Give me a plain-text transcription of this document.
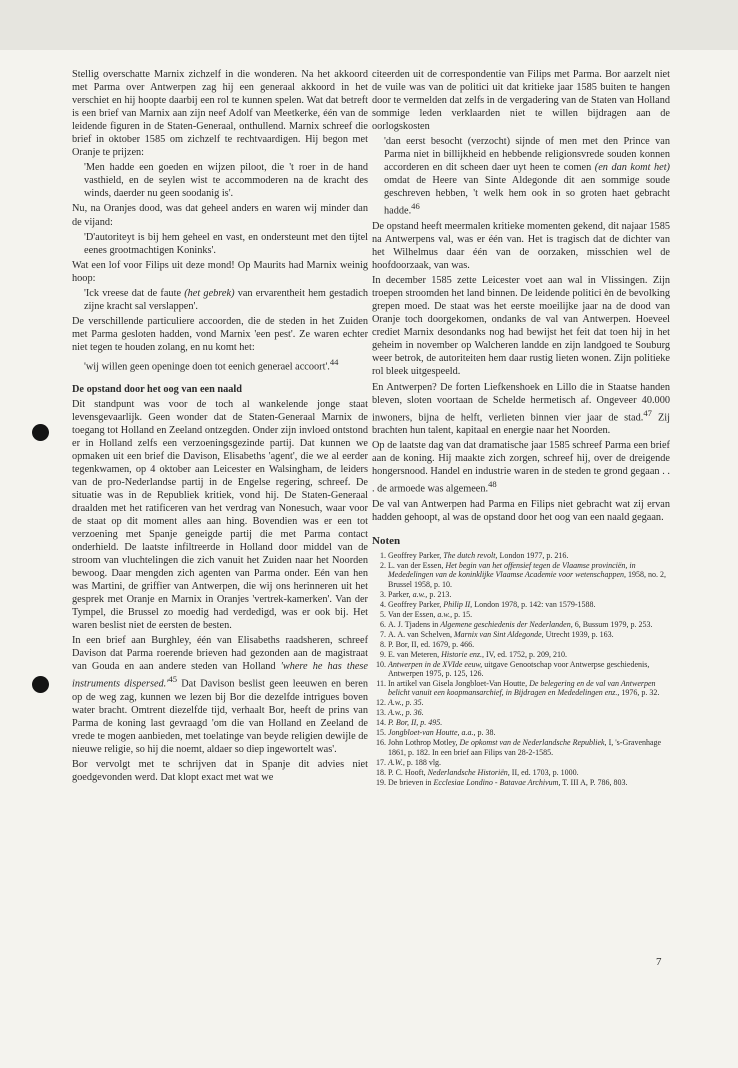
Stellig overschatte Marnix zichzelf in die wonderen. Na het akkoord met Parma over Antwerpen zag hij een generaal akkoord in het verschiet en hij hoopte daarbij een rol te kunnen spelen. Wat dat betreft is een brief van Marnix aan zijn neef Adolf van Meetkerke, één van de leidende figuren in de Staten-Generaal, onthullend. Marnix schreef die brief in oktober 1585 om zichzelf te rechtvaardigen. Hij begon met Oranje te prijzen:

'Men hadde een goeden en wijzen piloot, die 't roer in de hand vasthield, en de seylen wist te accommoderen na de kracht des winds, daerder nu geen soodanig is'.

Nu, na Oranjes dood, was dat geheel anders en waren wij minder dan de vijand:

'D'autoriteyt is bij hem geheel en vast, en ondersteunt met den tijtel eenes grootmachtigen Koninks'.

Wat een lof voor Filips uit deze mond! Op Maurits had Marnix weinig hoop:

'Ick vreese dat de faute (het gebrek) van ervarentheit hem gestadich zijne kracht sal verslappen'.

De verschillende particuliere accoorden, die de steden in het Zuiden met Parma gesloten hadden, vond Marnix 'een pest'. Ze waren echter niet tegen te houden zolang, en nu komt het:

'wij willen geen openinge doen tot eenich generael accoort'.$^{44}$

De opstand door het oog van een naald

Dit standpunt was voor de toch al wankelende jonge staat levensgevaarlijk. Geen wonder dat de Staten-Generaal Marnix de toegang tot Holland en Zeeland ontzegden. Onder zijn invloed ontstond er in Holland zelfs een verzoeningsgezinde partij. Dat kunnen we opmaken uit een brief die Davison, Elisabeths 'agent', die we al eerder tegenkwamen, op 4 oktober aan Leicester en Walsingham, de leiders van de pro-Nederlandse partij in de Engelse regering, schreef. De situatie was in de Republiek kritiek, vond hij. De Staten-Generaal draalden met het ratificeren van het verdrag van Nonesuch, waar voor de staat op dit moment alles aan hing. Bovendien was er een tot verzoening met Spanje geneigde partij die met Parma contact onderhield. De laatste infiltreerde in Holland door middel van de stroom van vluchtelingen die zich vanuit het Zuiden naar het Noorden bewoog. Daar mengden zich agenten van Parma onder. Eén van hen was Martini, de griffier van Antwerpen, die wij ons herinneren uit het gesprek met Oranje en Marnix in Oranjes 'vertrek-kamerken'. Van der Tympel, die Brussel zo moedig had verdedigd, was er ook bij. Het waren beslist niet de eersten de besten.

In een brief aan Burghley, één van Elisabeths raadsheren, schreef Davison dat Parma roerende brieven had gezonden aan de magistraat van Gouda en aan andere steden van Holland 'where he has these instruments $dispersed.'^{45}$ Dat Davison beslist geen leeuwen en beren op de weg zag, kunnen we lezen bij Bor die dezelfde intrigues boven water bracht. Omtrent diezelfde tijd, verhaalt Bor, heeft de prins van Parma de koning last gevraagd 'om die van Holland en Zeeland de vrede te mogen aanbieden, met toelatinge van beyde religien dewijle de nieuwe religie, so hij die noemt, aldaer so diep ingewortelt was'.

Bor vervolgt met te schrijven dat in Spanje dit advies niet goedgevonden werd. Dat klopt exact met wat we

citeerden uit de correspondentie van Filips met Parma. Bor aarzelt niet de vuile was van de politici uit dat kritieke jaar 1585 buiten te hangen door te vermelden dat zelfs in de vergadering van de Staten van Holland sommige leden verklaarden niet te willen bijdragen aan de oorlogskosten

'dan eerst besocht (verzocht) sijnde of men met den Prince van Parma niet in billijkheid en hebbende religionsvrede souden konnen accorderen en dit scheen daer uyt heen te comen (en dan komt het) omdat de Heere van Sinte Aldegonde dit aen sommige soude geschreven hebben, 't welk hem ook in so groten haet gebracht hadde.$^{46}$

De opstand heeft meermalen kritieke momenten gekend, dit najaar 1585 na Antwerpens val, was er één van. Het is tragisch dat de dichter van het Wilhelmus daar één van de oorzaken, misschien wel de hoofdoorzaak, van was.

In december 1585 zette Leicester voet aan wal in Vlissingen. Zijn troepen stroomden het land binnen. De leidende politici èn de bevolking grepen moed. De staat was het eerste moeilijke jaar na de dood van Oranje toch doorgekomen, ondanks de val van Antwerpen. Hoeveel crediet Marnix desondanks nog had bewijst het feit dat toen hij in het geheim in november op Walcheren landde en zijn landgoed te Souburg weer betrok, de autoriteiten hem daar rustig lieten wonen. Zijn politieke rol bleek uitgespeeld.

En Antwerpen? De forten Liefkenshoek en Lillo die in Staatse handen bleven, sloten voortaan de Schelde hermetisch af. Ongeveer 40.000 inwoners, bijna de helft, verlieten binnen vier jaar de stad.$^{47}$ Zij brachten hun talent, kapitaal en energie naar het Noorden.

Op de laatste dag van dat dramatische jaar 1585 schreef Parma een brief aan de koning. Hij maakte zich zorgen, schreef hij, over de dreigende hongersnood. Handel en industrie waren in de steden te grond gegaan . . . de armoede was algemeen.$^{48}$

De val van Antwerpen had Parma en Filips niet gebracht wat zij ervan hadden gehoopt, al was de opstand door het oog van een naald gegaan.

Noten

1. Geoffrey Parker, The dutch revolt, London 1977, p. 216.
2. L. van der Essen, Het begin van het offensief tegen de Vlaamse provinciën, in Mededelingen van de koninklijke Vlaamse Academie voor wetenschappen, 1958, no. 2, Brussel 1958, p. 10.
3. Parker, a.w., p. 213.
4. Geoffrey Parker, Philip II, London 1978, p. 142: van 1579-1588.
5. Van der Essen, a.w., p. 15.
6. A. J. Tjadens in Algemene geschiedenis der Nederlanden, 6, Bussum 1979, p. 253.
7. A. A. van Schelven, Marnix van Sint Aldegonde, Utrecht 1939, p. 163.
8. P. Bor, II, ed. 1679, p. 466.
9. E. van Meteren, Historie enz., IV, ed. 1752, p. 209, 210.
10. Antwerpen in de XVIde eeuw, uitgave Genootschap voor Antwerpse geschiedenis, Antwerpen 1975, p. 125, 126.
11. In artikel van Gisela Jongbloet-Van Houtte, De belegering en de val van Antwerpen belicht vanuit een koopmansarchief, in Bijdragen en Mededelingen enz., 1976, p. 32.
12. A.w., p. 35.
13. A.w., p. 36.
14. P. Bor, II, p. 495.
15. Jongbloet-van Houtte, a.a., p. 38.
16. John Lothrop Motley, De opkomst van de Nederlandsche Republiek, I, 's-Gravenhage 1861, p. 182. In een brief aan Filips van 28-2-1585.
17. A.W., p. 188 vlg.
18. P. C. Hooft, Nederlandsche Historiën, II, ed. 1703, p. 1000.
19. De brieven in Ecclesiae Londino - Batavae Archivum, T. III A, P. 786, 803.
7
